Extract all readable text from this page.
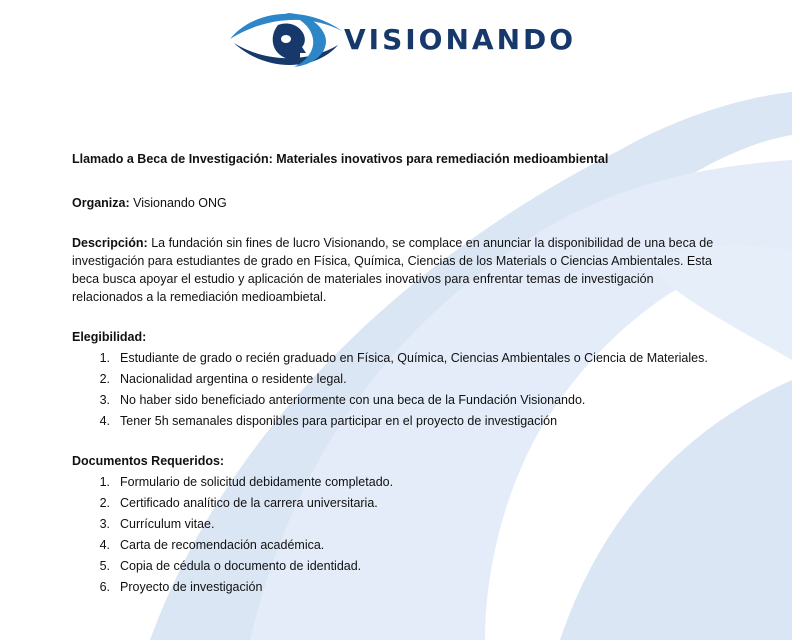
VISIONANDO
Llamado a Beca de Investigación: Materiales inovativos para remediación medioambiental
Organiza: Visionando ONG
Descripción: La fundación sin fines de lucro Visionando, se complace en anunciar la disponibilidad de una beca de investigación para estudiantes de grado en Física, Química, Ciencias de los Materials o Ciencias Ambientales. Esta beca busca apoyar el estudio y aplicación de materiales inovativos para enfrentar temas de investigación relacionados a la remediación medioambietal.
Elegibilidad:
1. Estudiante de grado o recién graduado en Física, Química, Ciencias Ambientales o Ciencia de Materiales.
2. Nacionalidad argentina o residente legal.
3. No haber sido beneficiado anteriormente con una beca de la Fundación Visionando.
4. Tener 5h semanales disponibles para participar en el proyecto de investigación
Documentos Requeridos:
1. Formulario de solicitud debidamente completado.
2. Certificado analítico de la carrera universitaria.
3. Currículum vitae.
4. Carta de recomendación académica.
5. Copia de cédula o documento de identidad.
6. Proyecto de investigación
